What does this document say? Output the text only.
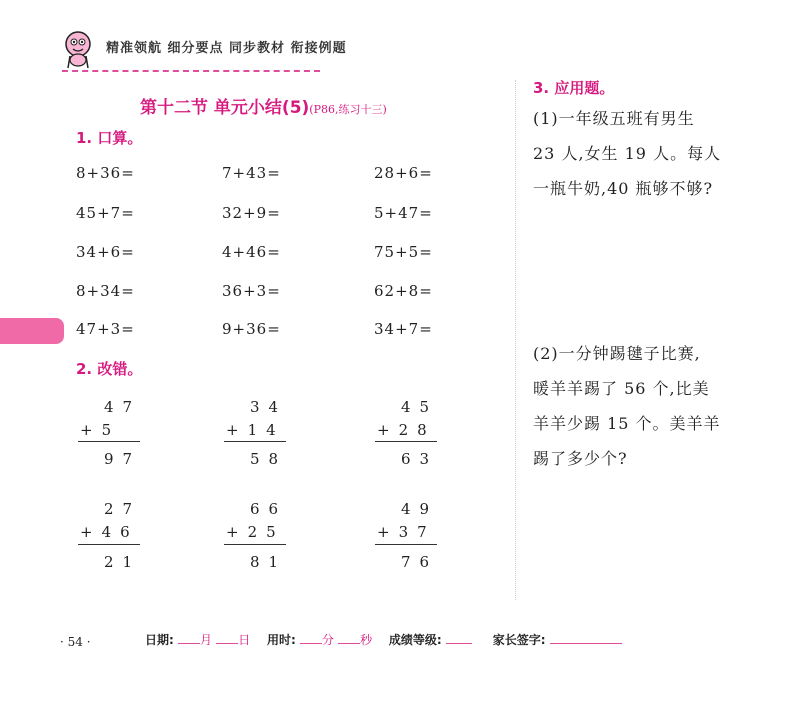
精准领航 细分要点 同步教材 衔接例题
第十二节 单元小结(5)(P86,练习十三)
1. 口算。
8+36=	7+43=	28+6=
45+7=	32+9=	5+47=
34+6=	4+46=	75+5=
8+34=	36+3=	62+8=
47+3=	9+36=	34+7=
2. 改错。
47
+5
97
34
+14
58
45
+28
63
27
+46
21
66
+25
81
49
+37
76
3. 应用题。
(1)一年级五班有男生
23 人,女生 19 人。每人
一瓶牛奶,40 瓶够不够?
(2)一分钟踢毽子比赛,
暖羊羊踢了 56 个,比美
羊羊少踢 15 个。美羊羊
踢了多少个?
· 54 ·	日期: 月 日 用时: 分 秒 成绩等级:	家长签字:
